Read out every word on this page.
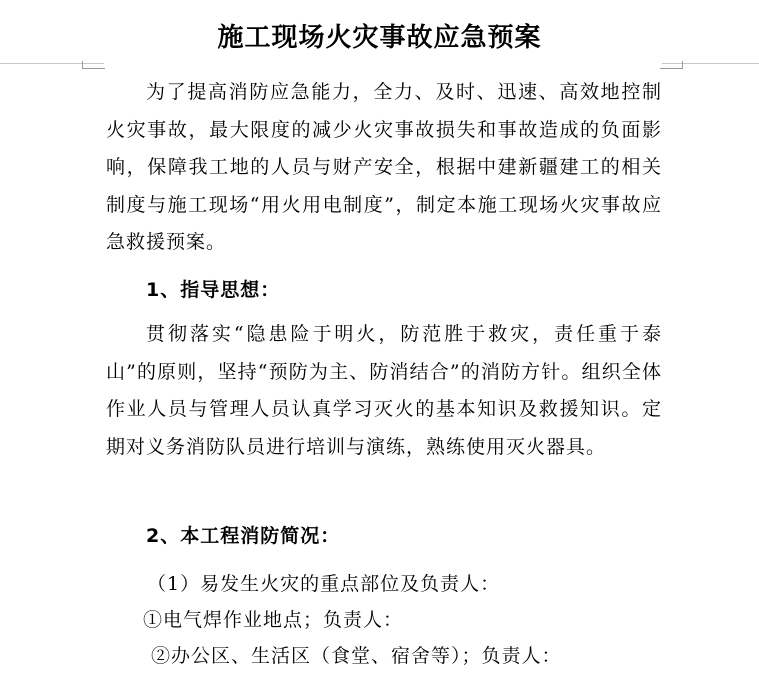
施工现场火灾事故应急预案

为了提高消防应急能力，全力、及时、迅速、高效地控制火灾事故，最大限度的减少火灾事故损失和事故造成的负面影响，保障我工地的人员与财产安全，根据中建新疆建工的相关制度与施工现场“用火用电制度”，制定本施工现场火灾事故应急救援预案。

1、指导思想：

贯彻落实“隐患险于明火，防范胜于救灾，责任重于泰山”的原则，坚持“预防为主、防消结合”的消防方针。组织全体作业人员与管理人员认真学习灭火的基本知识及救援知识。定期对义务消防队员进行培训与演练，熟练使用灭火器具。

2、本工程消防简况：

（1）易发生火灾的重点部位及负责人：

①电气焊作业地点；负责人：

②办公区、生活区（食堂、宿舍等）；负责人：
